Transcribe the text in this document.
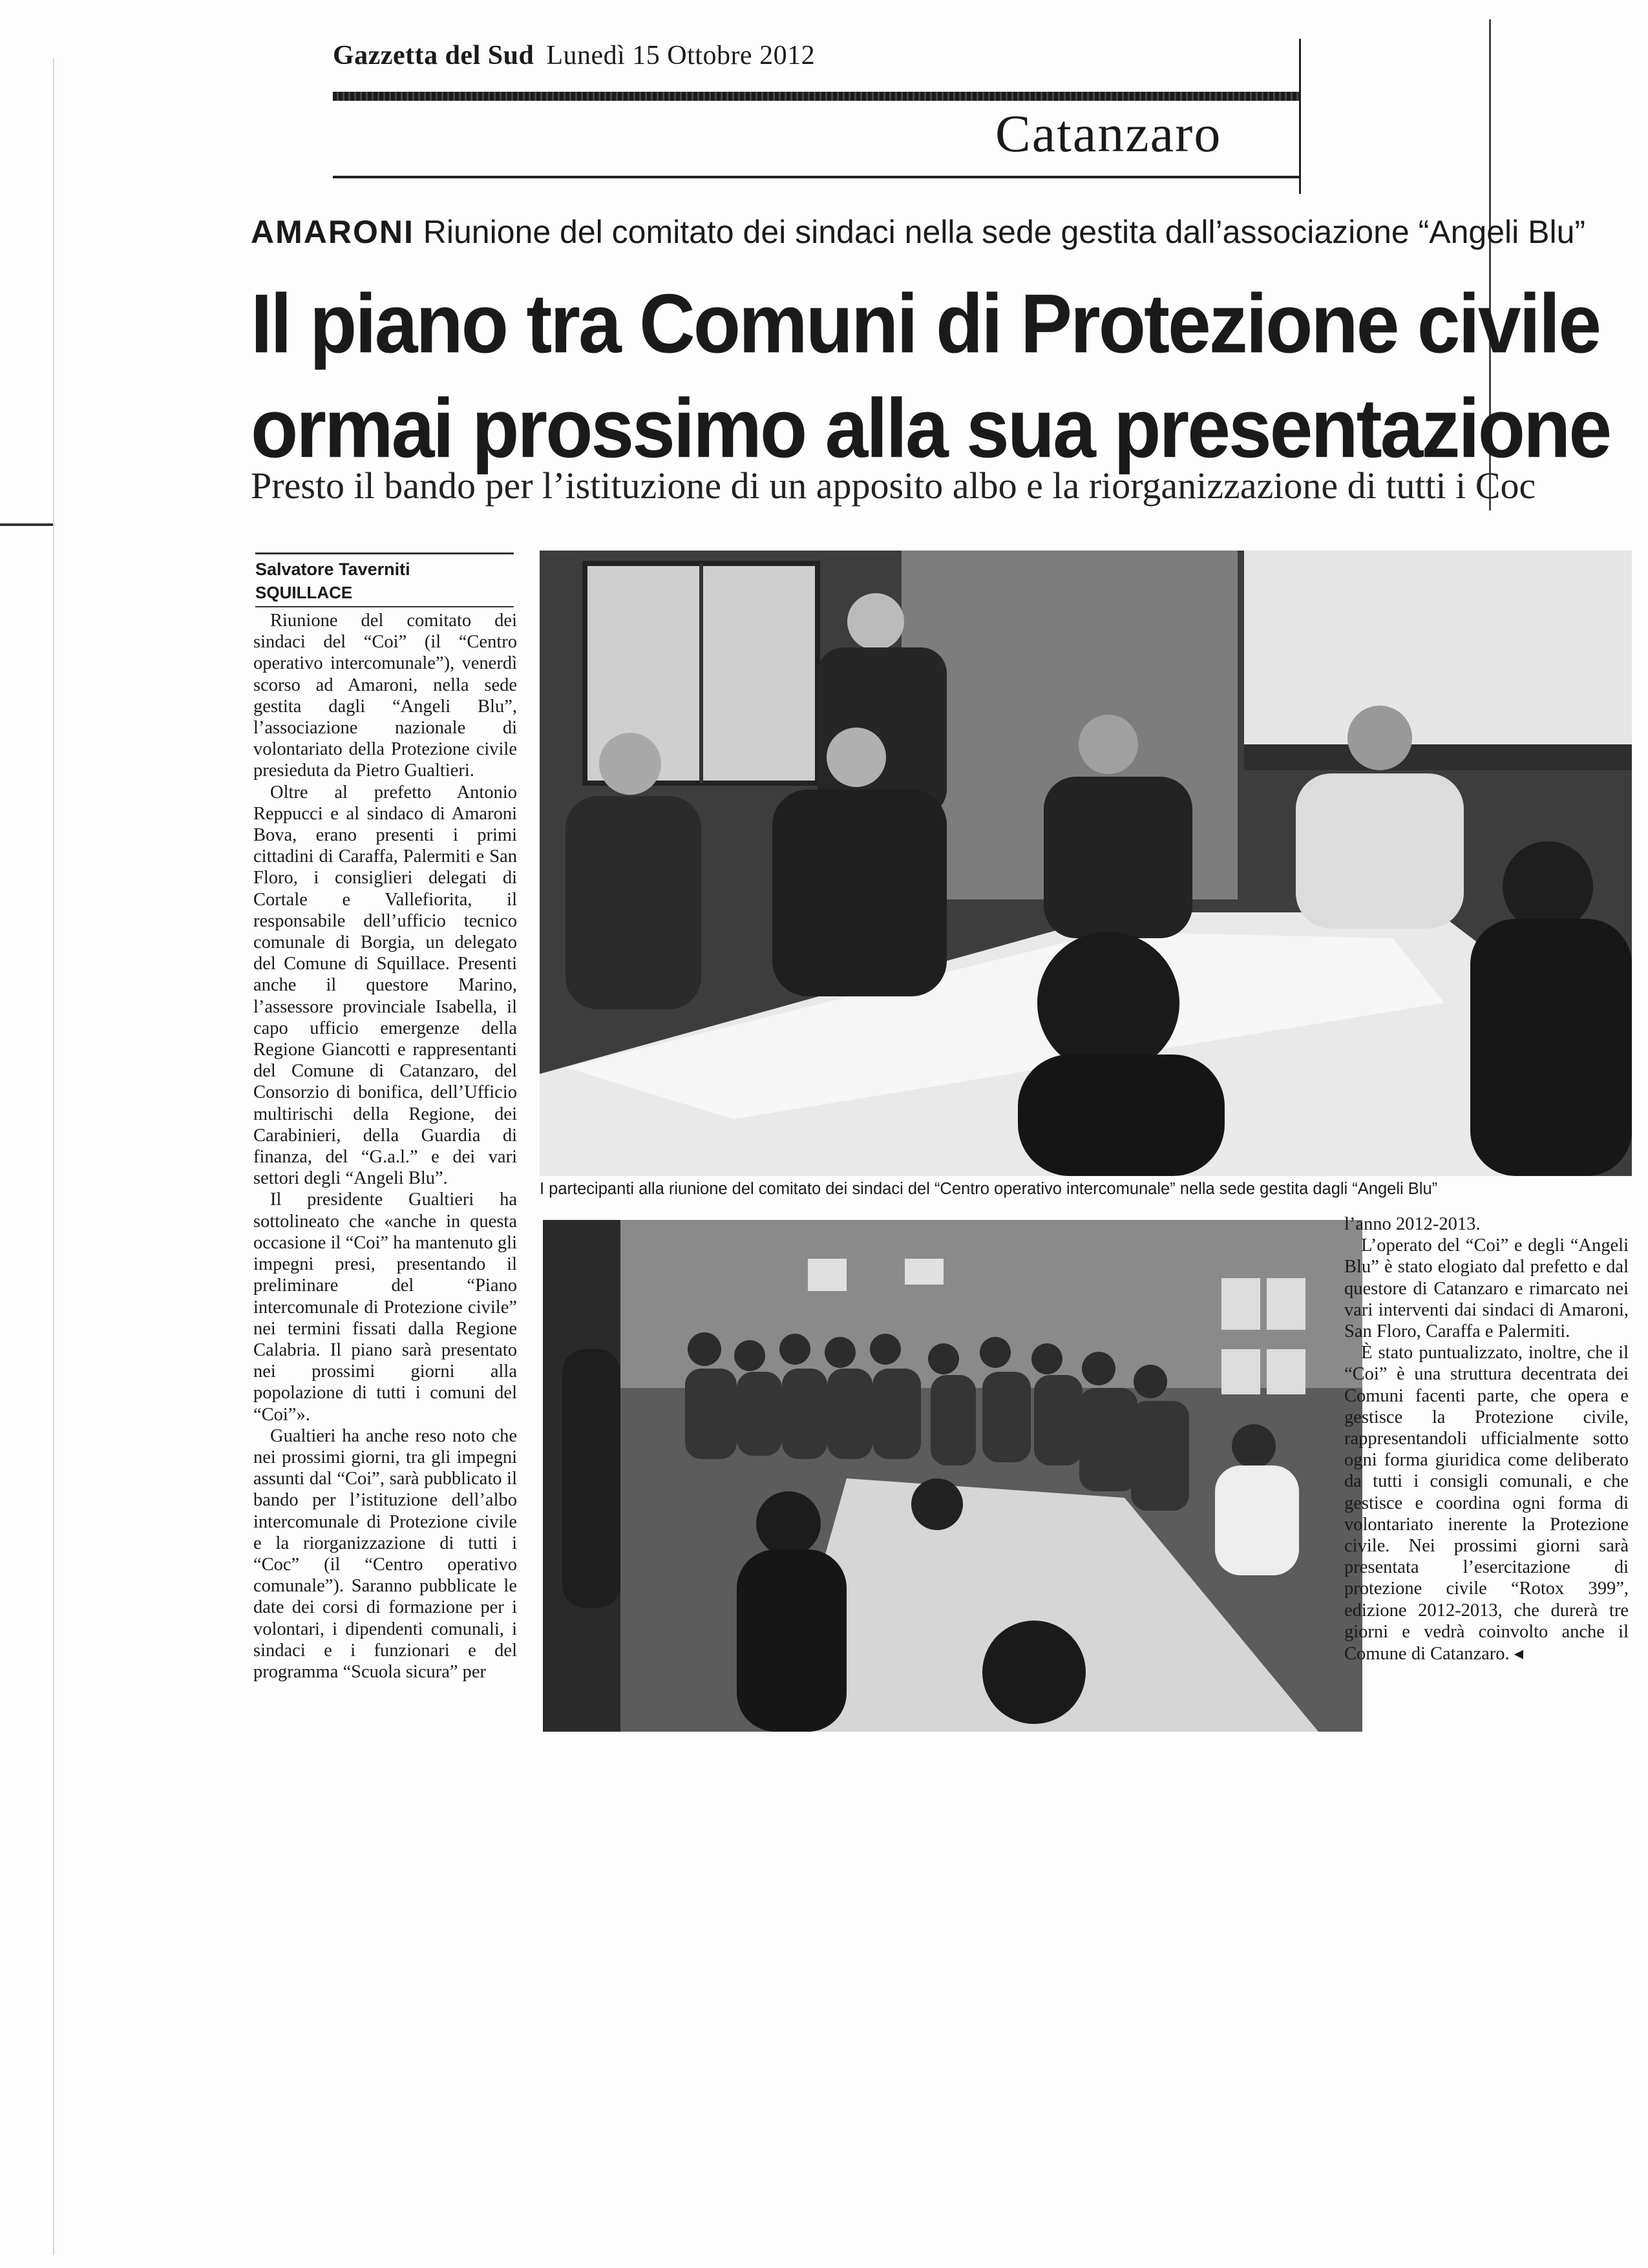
Gazzetta del Sud Lunedì 15 Ottobre 2012
Catanzaro
AMARONI Riunione del comitato dei sindaci nella sede gestita dall’associazione “Angeli Blu”
Il piano tra Comuni di Protezione civile
ormai prossimo alla sua presentazione
Presto il bando per l’istituzione di un apposito albo e la riorganizzazione di tutti i Coc
Salvatore Taverniti
SQUILLACE

Riunione del comitato dei sindaci del “Coi” (il “Centro operativo intercomunale”), venerdì scorso ad Amaroni, nella sede gestita dagli “Angeli Blu”, l’associazione nazionale di volontariato della Protezione civile presieduta da Pietro Gualtieri.

Oltre al prefetto Antonio Reppucci e al sindaco di Amaroni Bova, erano presenti i primi cittadini di Caraffa, Palermiti e San Floro, i consiglieri delegati di Cortale e Vallefiorita, il responsabile dell’ufficio tecnico comunale di Borgia, un delegato del Comune di Squillace. Presenti anche il questore Marino, l’assessore provinciale Isabella, il capo ufficio emergenze della Regione Giancotti e rappresentanti del Comune di Catanzaro, del Consorzio di bonifica, dell’Ufficio multirischi della Regione, dei Carabinieri, della Guardia di finanza, del “G.a.l.” e dei vari settori degli “Angeli Blu”.

Il presidente Gualtieri ha sottolineato che «anche in questa occasione il “Coi” ha mantenuto gli impegni presi, presentando il preliminare del “Piano intercomunale di Protezione civile” nei termini fissati dalla Regione Calabria. Il piano sarà presentato nei prossimi giorni alla popolazione di tutti i comuni del “Coi”».

Gualtieri ha anche reso noto che nei prossimi giorni, tra gli impegni assunti dal “Coi”, sarà pubblicato il bando per l’istituzione dell’albo intercomunale di Protezione civile e la riorganizzazione di tutti i “Coc” (il “Centro operativo comunale”). Saranno pubblicate le date dei corsi di formazione per i volontari, i dipendenti comunali, i sindaci e i funzionari e del programma “Scuola sicura” per

I partecipanti alla riunione del comitato dei sindaci del “Centro operativo intercomunale” nella sede gestita dagli “Angeli Blu”

l’anno 2012-2013.

L’operato del “Coi” e degli “Angeli Blu” è stato elogiato dal prefetto e dal questore di Catanzaro e rimarcato nei vari interventi dai sindaci di Amaroni, San Floro, Caraffa e Palermiti.

È stato puntualizzato, inoltre, che il “Coi” è una struttura decentrata dei Comuni facenti parte, che opera e gestisce la Protezione civile, rappresentandoli ufficialmente sotto ogni forma giuridica come deliberato da tutti i consigli comunali, e che gestisce e coordina ogni forma di volontariato inerente la Protezione civile. Nei prossimi giorni sarà presentata l’esercitazione di protezione civile “Rotox 399”, edizione 2012-2013, che durerà tre giorni e vedrà coinvolto anche il Comune di Catanzaro. ◂
